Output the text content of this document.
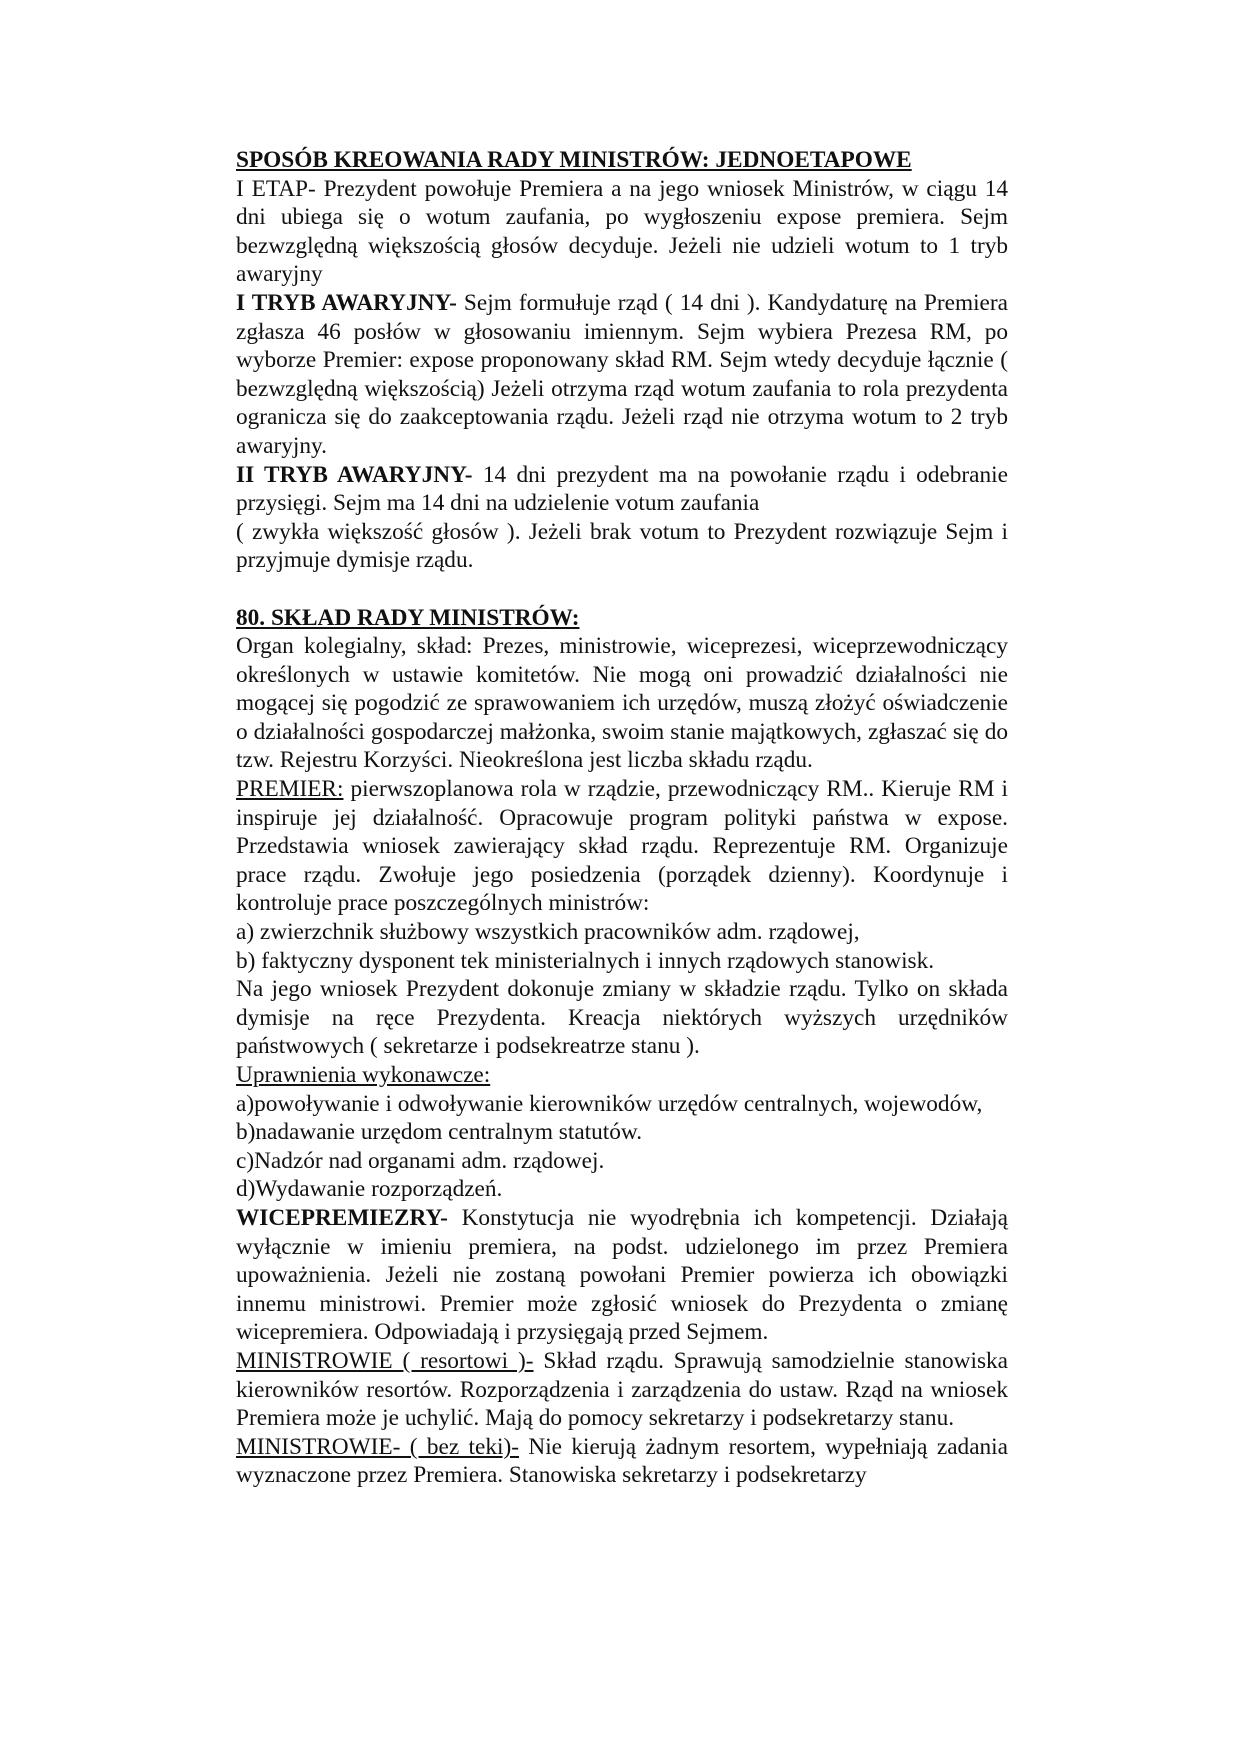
SPOSÓB KREOWANIA RADY MINISTRÓW: JEDNOETAPOWE

I ETAP- Prezydent powołuje Premiera a na jego wniosek Ministrów, w ciągu 14 dni ubiega się o wotum zaufania, po wygłoszeniu expose premiera. Sejm bezwzględną większością głosów decyduje. Jeżeli nie udzieli wotum to 1 tryb awaryjny

I TRYB AWARYJNY- Sejm formułuje rząd ( 14 dni ). Kandydaturę na Premiera zgłasza 46 posłów w głosowaniu imiennym. Sejm wybiera Prezesa RM, po wyborze Premier: expose proponowany skład RM. Sejm wtedy decyduje łącznie ( bezwzględną większością) Jeżeli otrzyma rząd wotum zaufania to rola prezydenta ogranicza się do zaakceptowania rządu. Jeżeli rząd nie otrzyma wotum to 2 tryb awaryjny.

II TRYB AWARYJNY- 14 dni prezydent ma na powołanie rządu i odebranie przysięgi. Sejm ma 14 dni na udzielenie votum zaufania

( zwykła większość głosów ). Jeżeli brak votum to Prezydent rozwiązuje Sejm i przyjmuje dymisje rządu.

80. SKŁAD RADY MINISTRÓW:

Organ kolegialny, skład: Prezes, ministrowie, wiceprezesi, wiceprzewodniczący określonych w ustawie komitetów. Nie mogą oni prowadzić działalności nie mogącej się pogodzić ze sprawowaniem ich urzędów, muszą złożyć oświadczenie o działalności gospodarczej małżonka, swoim stanie majątkowych, zgłaszać się do tzw. Rejestru Korzyści. Nieokreślona jest liczba składu rządu.

PREMIER: pierwszoplanowa rola w rządzie, przewodniczący RM.. Kieruje RM i inspiruje jej działalność. Opracowuje program polityki państwa w expose. Przedstawia wniosek zawierający skład rządu. Reprezentuje RM. Organizuje prace rządu. Zwołuje jego posiedzenia (porządek dzienny). Koordynuje i kontroluje prace poszczególnych ministrów:

a) zwierzchnik służbowy wszystkich pracowników adm. rządowej,

b) faktyczny dysponent tek ministerialnych i innych rządowych stanowisk.

Na jego wniosek Prezydent dokonuje zmiany w składzie rządu. Tylko on składa dymisje na ręce Prezydenta. Kreacja niektórych wyższych urzędników państwowych ( sekretarze i podsekreatrze stanu ).

Uprawnienia wykonawcze:

a)powoływanie i odwoływanie kierowników urzędów centralnych, wojewodów,

b)nadawanie urzędom centralnym statutów.

c)Nadzór nad organami adm. rządowej.

d)Wydawanie rozporządzeń.

WICEPREMIEZRY- Konstytucja nie wyodrębnia ich kompetencji. Działają wyłącznie w imieniu premiera, na podst. udzielonego im przez Premiera upoważnienia. Jeżeli nie zostaną powołani Premier powierza ich obowiązki innemu ministrowi. Premier może zgłosić wniosek do Prezydenta o zmianę wicepremiera. Odpowiadają i przysięgają przed Sejmem.

MINISTROWIE ( resortowi )- Skład rządu. Sprawują samodzielnie stanowiska kierowników resortów. Rozporządzenia i zarządzenia do ustaw. Rząd na wniosek Premiera może je uchylić. Mają do pomocy sekretarzy i podsekretarzy stanu.

MINISTROWIE- ( bez teki)- Nie kierują żadnym resortem, wypełniają zadania wyznaczone przez Premiera. Stanowiska sekretarzy i podsekretarzy
